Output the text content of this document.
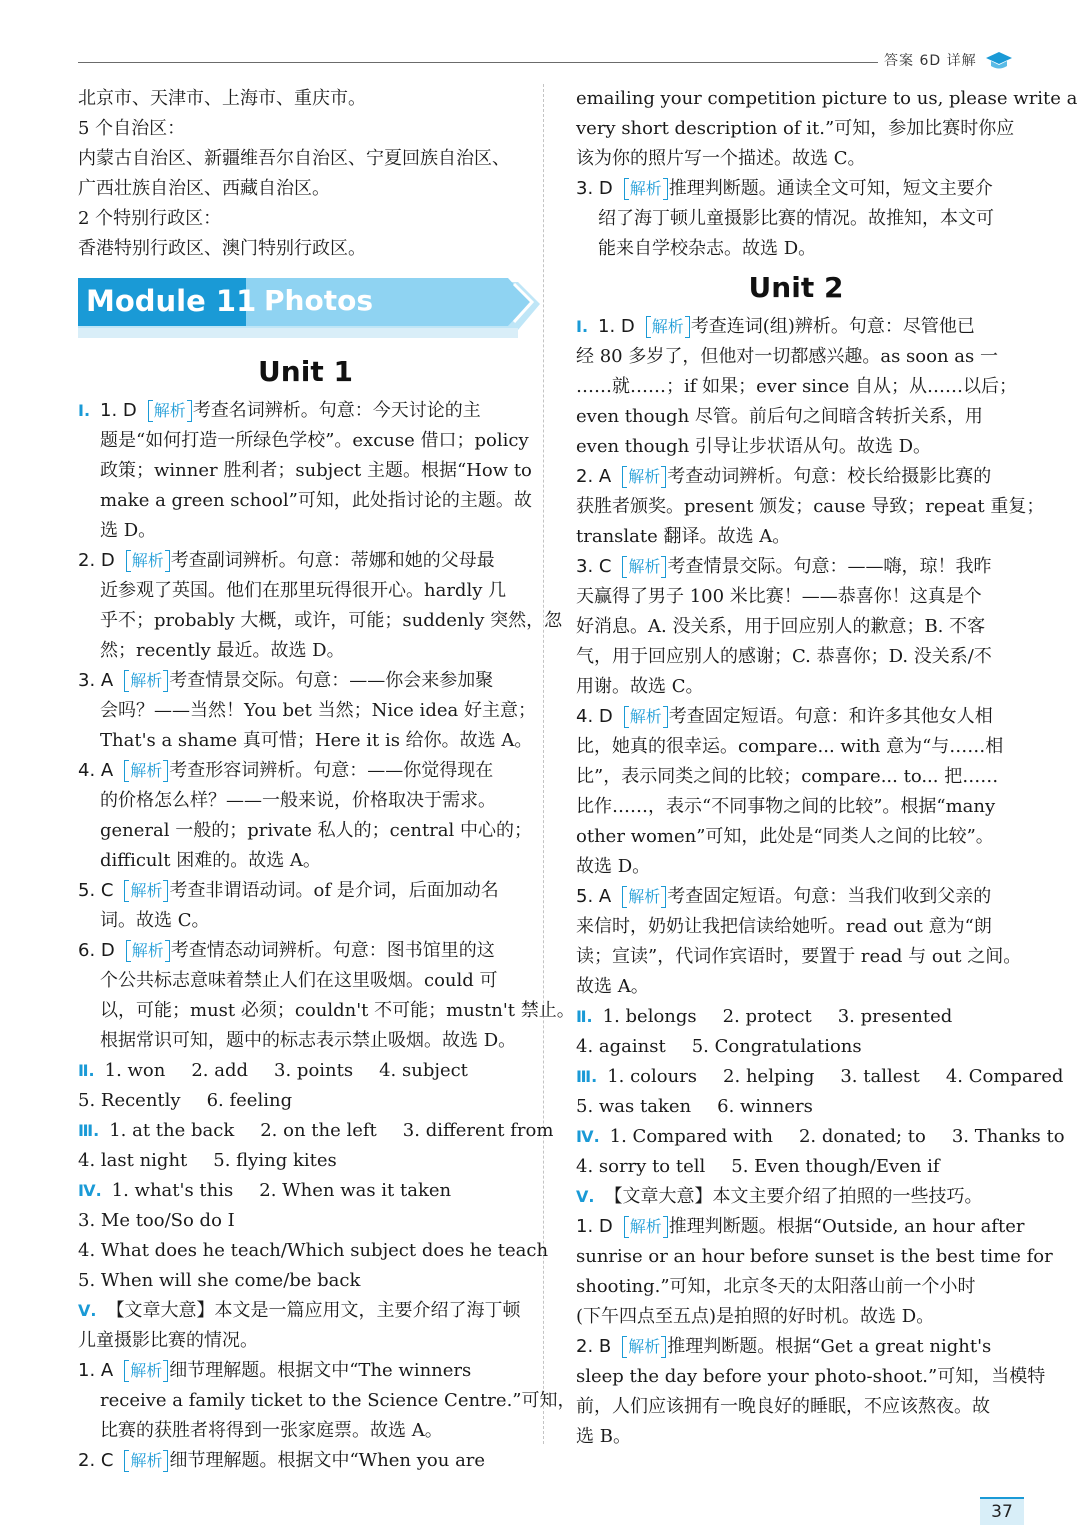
答案 6D 详解
北京市、天津市、上海市、重庆市。
5 个自治区：
内蒙古自治区、新疆维吾尔自治区、宁夏回族自治区、
广西壮族自治区、西藏自治区。
2 个特别行政区：
香港特别行政区、澳门特别行政区。
Module 11 Photos
Unit 1
Ⅰ. 1. D 解析 考查名词辨析。句意：今天讨论的主
题是“如何打造一所绿色学校”。excuse 借口；policy
政策；winner 胜利者；subject 主题。根据“How to
make a green school”可知，此处指讨论的主题。故
选 D。
2. D 解析 考查副词辨析。句意：蒂娜和她的父母最
近参观了英国。他们在那里玩得很开心。hardly 几
乎不；probably 大概，或许，可能；suddenly 突然，忽
然；recently 最近。故选 D。
3. A 解析 考查情景交际。句意：——你会来参加聚
会吗？——当然！You bet 当然；Nice idea 好主意；
That's a shame 真可惜；Here it is 给你。故选 A。
4. A 解析 考查形容词辨析。句意：——你觉得现在
的价格怎么样？——一般来说，价格取决于需求。
general 一般的；private 私人的；central 中心的；
difficult 困难的。故选 A。
5. C 解析 考查非谓语动词。of 是介词，后面加动名
词。故选 C。
6. D 解析 考查情态动词辨析。句意：图书馆里的这
个公共标志意味着禁止人们在这里吸烟。could 可
以，可能；must 必须；couldn't 不可能；mustn't 禁止。
根据常识可知，题中的标志表示禁止吸烟。故选 D。
Ⅱ. 1. won 2. add 3. points 4. subject
5. Recently 6. feeling
Ⅲ. 1. at the back 2. on the left 3. different from
4. last night 5. flying kites
Ⅳ. 1. what's this 2. When was it taken
3. Me too/So do I
4. What does he teach/Which subject does he teach
5. When will she come/be back
Ⅴ. 【文章大意】本文是一篇应用文，主要介绍了海丁顿
儿童摄影比赛的情况。
1. A 解析 细节理解题。根据文中“The winners
receive a family ticket to the Science Centre.”可知，
比赛的获胜者将得到一张家庭票。故选 A。
2. C 解析 细节理解题。根据文中“When you are
emailing your competition picture to us, please write a
very short description of it.”可知，参加比赛时你应
该为你的照片写一个描述。故选 C。
3. D 解析 推理判断题。通读全文可知，短文主要介
绍了海丁顿儿童摄影比赛的情况。故推知，本文可
能来自学校杂志。故选 D。
Unit 2
Ⅰ. 1. D 解析 考查连词(组)辨析。句意：尽管他已
经 80 多岁了，但他对一切都感兴趣。as soon as 一
……就……；if 如果；ever since 自从；从……以后；
even though 尽管。前后句之间暗含转折关系，用
even though 引导让步状语从句。故选 D。
2. A 解析 考查动词辨析。句意：校长给摄影比赛的
获胜者颁奖。present 颁发；cause 导致；repeat 重复；
translate 翻译。故选 A。
3. C 解析 考查情景交际。句意：——嗨，琼！我昨
天赢得了男子 100 米比赛！——恭喜你！这真是个
好消息。A. 没关系，用于回应别人的歉意；B. 不客
气，用于回应别人的感谢；C. 恭喜你；D. 没关系/不
用谢。故选 C。
4. D 解析 考查固定短语。句意：和许多其他女人相
比，她真的很幸运。compare... with 意为“与……相
比”，表示同类之间的比较；compare... to... 把……
比作……，表示“不同事物之间的比较”。根据“many
other women”可知，此处是“同类人之间的比较”。
故选 D。
5. A 解析 考查固定短语。句意：当我们收到父亲的
来信时，奶奶让我把信读给她听。read out 意为“朗
读；宣读”，代词作宾语时，要置于 read 与 out 之间。
故选 A。
Ⅱ. 1. belongs 2. protect 3. presented
4. against 5. Congratulations
Ⅲ. 1. colours 2. helping 3. tallest 4. Compared
5. was taken 6. winners
Ⅳ. 1. Compared with 2. donated; to 3. Thanks to
4. sorry to tell 5. Even though/Even if
Ⅴ. 【文章大意】本文主要介绍了拍照的一些技巧。
1. D 解析 推理判断题。根据“Outside, an hour after
sunrise or an hour before sunset is the best time for
shooting.”可知，北京冬天的太阳落山前一个小时
(下午四点至五点)是拍照的好时机。故选 D。
2. B 解析 推理判断题。根据“Get a great night's
sleep the day before your photo-shoot.”可知，当模特
前，人们应该拥有一晚良好的睡眠，不应该熬夜。故
选 B。
37
